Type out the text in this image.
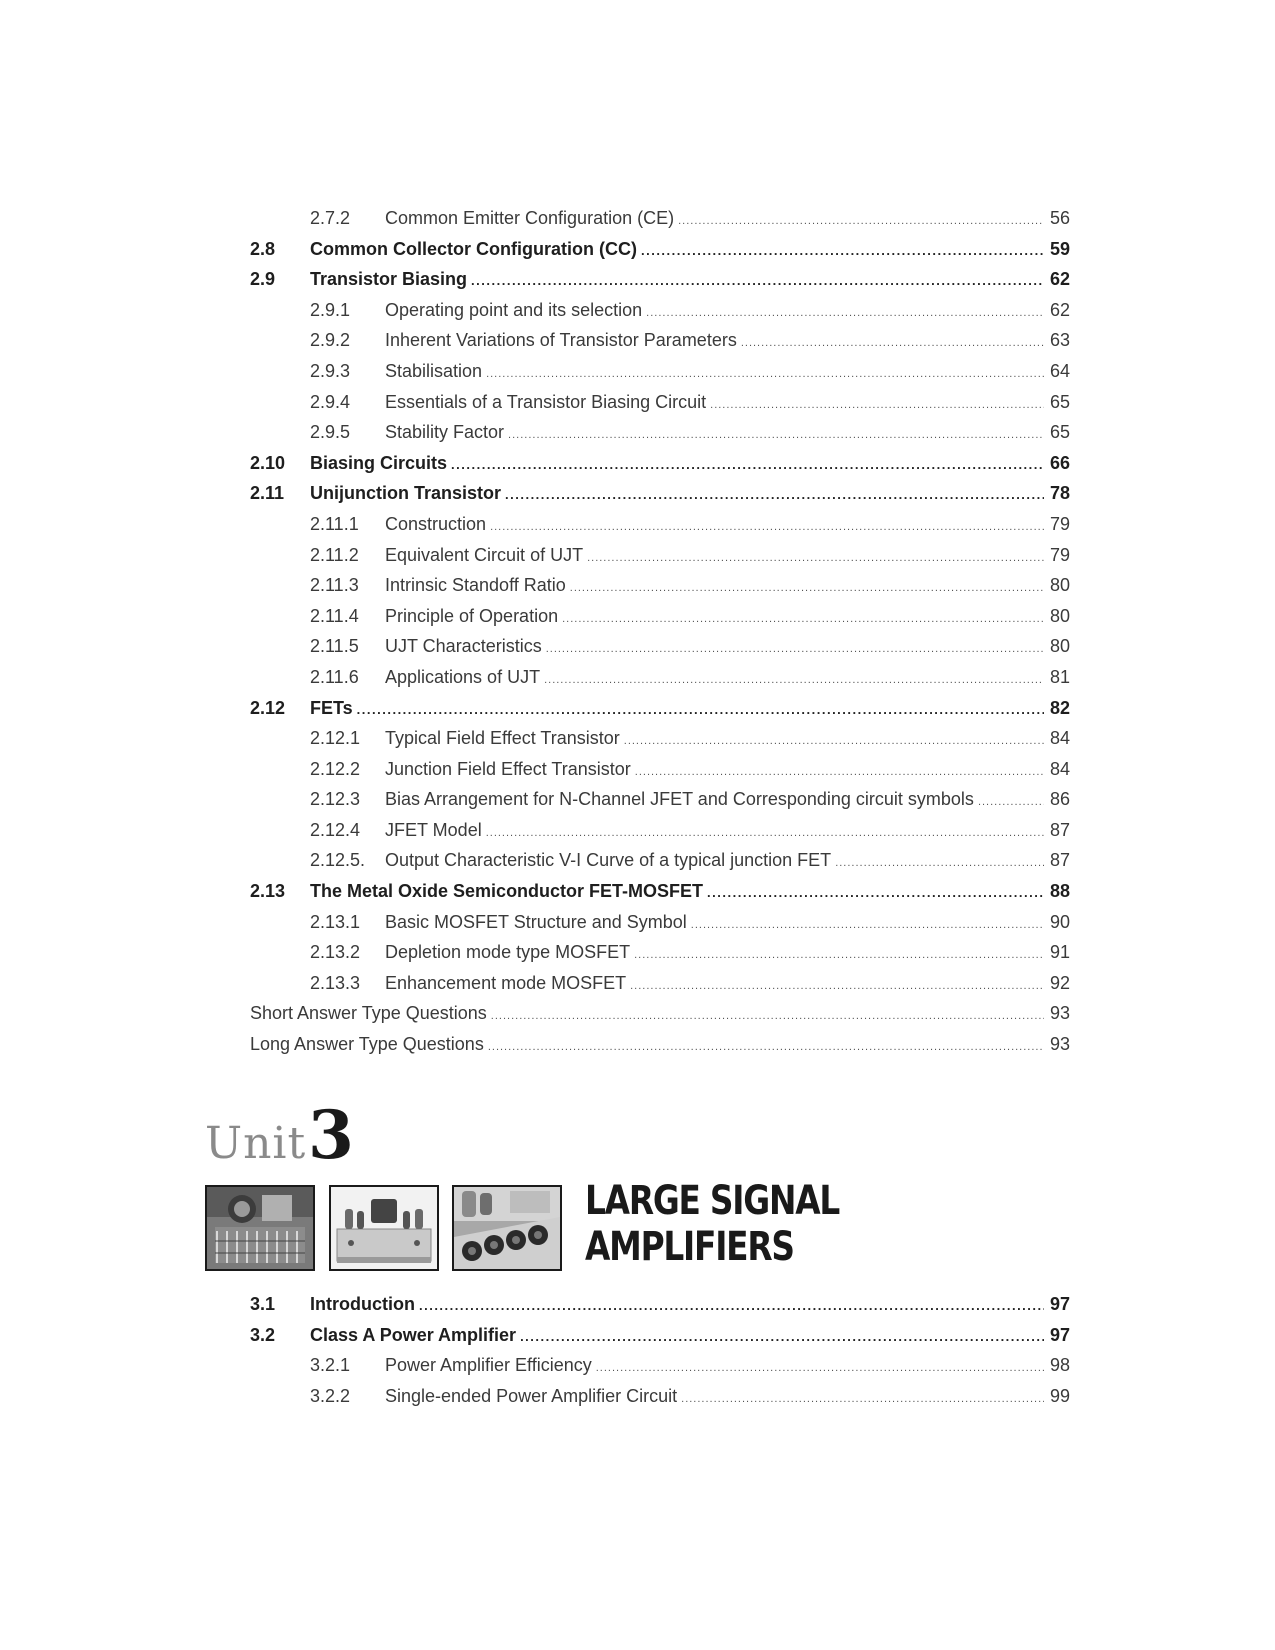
2.7.2	Common Emitter Configuration (CE) .....	56
2.8	Common Collector Configuration (CC) .....	59
2.9	Transistor Biasing .....	62
2.9.1	Operating point and its selection .....	62
2.9.2	Inherent Variations of Transistor Parameters .....	63
2.9.3	Stabilisation .....	64
2.9.4	Essentials of a Transistor Biasing Circuit .....	65
2.9.5	Stability Factor .....	65
2.10	Biasing Circuits .....	66
2.11	Unijunction Transistor .....	78
2.11.1	Construction .....	79
2.11.2	Equivalent Circuit of UJT .....	79
2.11.3	Intrinsic Standoff Ratio .....	80
2.11.4	Principle of Operation .....	80
2.11.5	UJT Characteristics .....	80
2.11.6	Applications of UJT .....	81
2.12	FETs .....	82
2.12.1	Typical Field Effect Transistor .....	84
2.12.2	Junction Field Effect Transistor .....	84
2.12.3	Bias Arrangement for N-Channel JFET and Corresponding circuit symbols .....	86
2.12.4	JFET Model .....	87
2.12.5.	Output Characteristic V-I Curve of a typical junction FET .....	87
2.13	The Metal Oxide Semiconductor FET-MOSFET .....	88
2.13.1	Basic MOSFET Structure and Symbol .....	90
2.13.2	Depletion mode type MOSFET .....	91
2.13.3	Enhancement mode MOSFET .....	92
Short Answer Type Questions .....	93
Long Answer Type Questions .....	93
Unit 3
LARGE SIGNAL
AMPLIFIERS
3.1	Introduction .....	97
3.2	Class A Power Amplifier .....	97
3.2.1	Power Amplifier Efficiency .....	98
3.2.2	Single-ended Power Amplifier Circuit .....	99
